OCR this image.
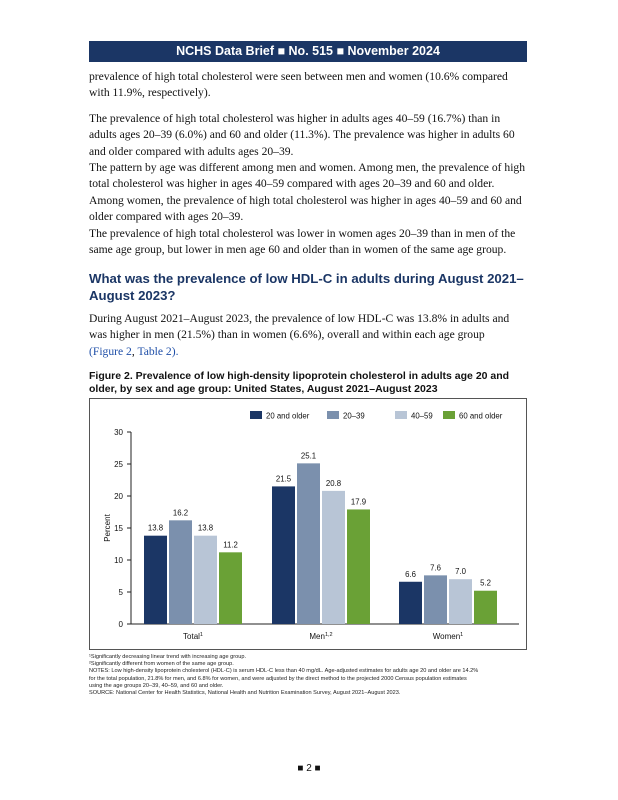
NCHS Data Brief ■ No. 515 ■ November 2024

prevalence of high total cholesterol were seen between men and women (10.6% compared with 11.9%, respectively).

The prevalence of high total cholesterol was higher in adults ages 40–59 (16.7%) than in adults ages 20–39 (6.0%) and 60 and older (11.3%). The prevalence was higher in adults 60 and older compared with adults ages 20–39.

The pattern by age was different among men and women. Among men, the prevalence of high total cholesterol was higher in ages 40–59 compared with ages 20–39 and 60 and older. Among women, the prevalence of high total cholesterol was higher in ages 40–59 and 60 and older compared with ages 20–39.

The prevalence of high total cholesterol was lower in women ages 20–39 than in men of the same age group, but lower in men age 60 and older than in women of the same age group.

What was the prevalence of low HDL-C in adults during August 2021–August 2023?

During August 2021–August 2023, the prevalence of low HDL-C was 13.8% in adults and was higher in men (21.5%) than in women (6.6%), overall and within each age group
(Figure 2, Table 2).

Figure 2. Prevalence of low high-density lipoprotein cholesterol in adults age 20 and older, by sex and age group: United States, August 2021–August 2023
0
5
10
15
20
25
30
Percent	13.8
16.2
13.8
11.2
Total$^1$
21.5
25.1
20.8
17.9
Men$^{1,2}$
6.6
7.6 7.0
5.2
Women$^1$
20 and older	20–39	40–59	60 and older
¹Significantly decreasing linear trend with increasing age group.
²Significantly different from women of the same age group.
NOTES: Low high-density lipoprotein cholesterol (HDL-C) is serum HDL-C less than 40 mg/dL. Age-adjusted estimates for adults age 20 and older are 14.2%
for the total population, 21.8% for men, and 6.8% for women, and were adjusted by the direct method to the projected 2000 Census population estimates
using the age groups 20–39, 40–59, and 60 and older.
SOURCE: National Center for Health Statistics, National Health and Nutrition Examination Survey, August 2021–August 2023.
■ 2 ■
